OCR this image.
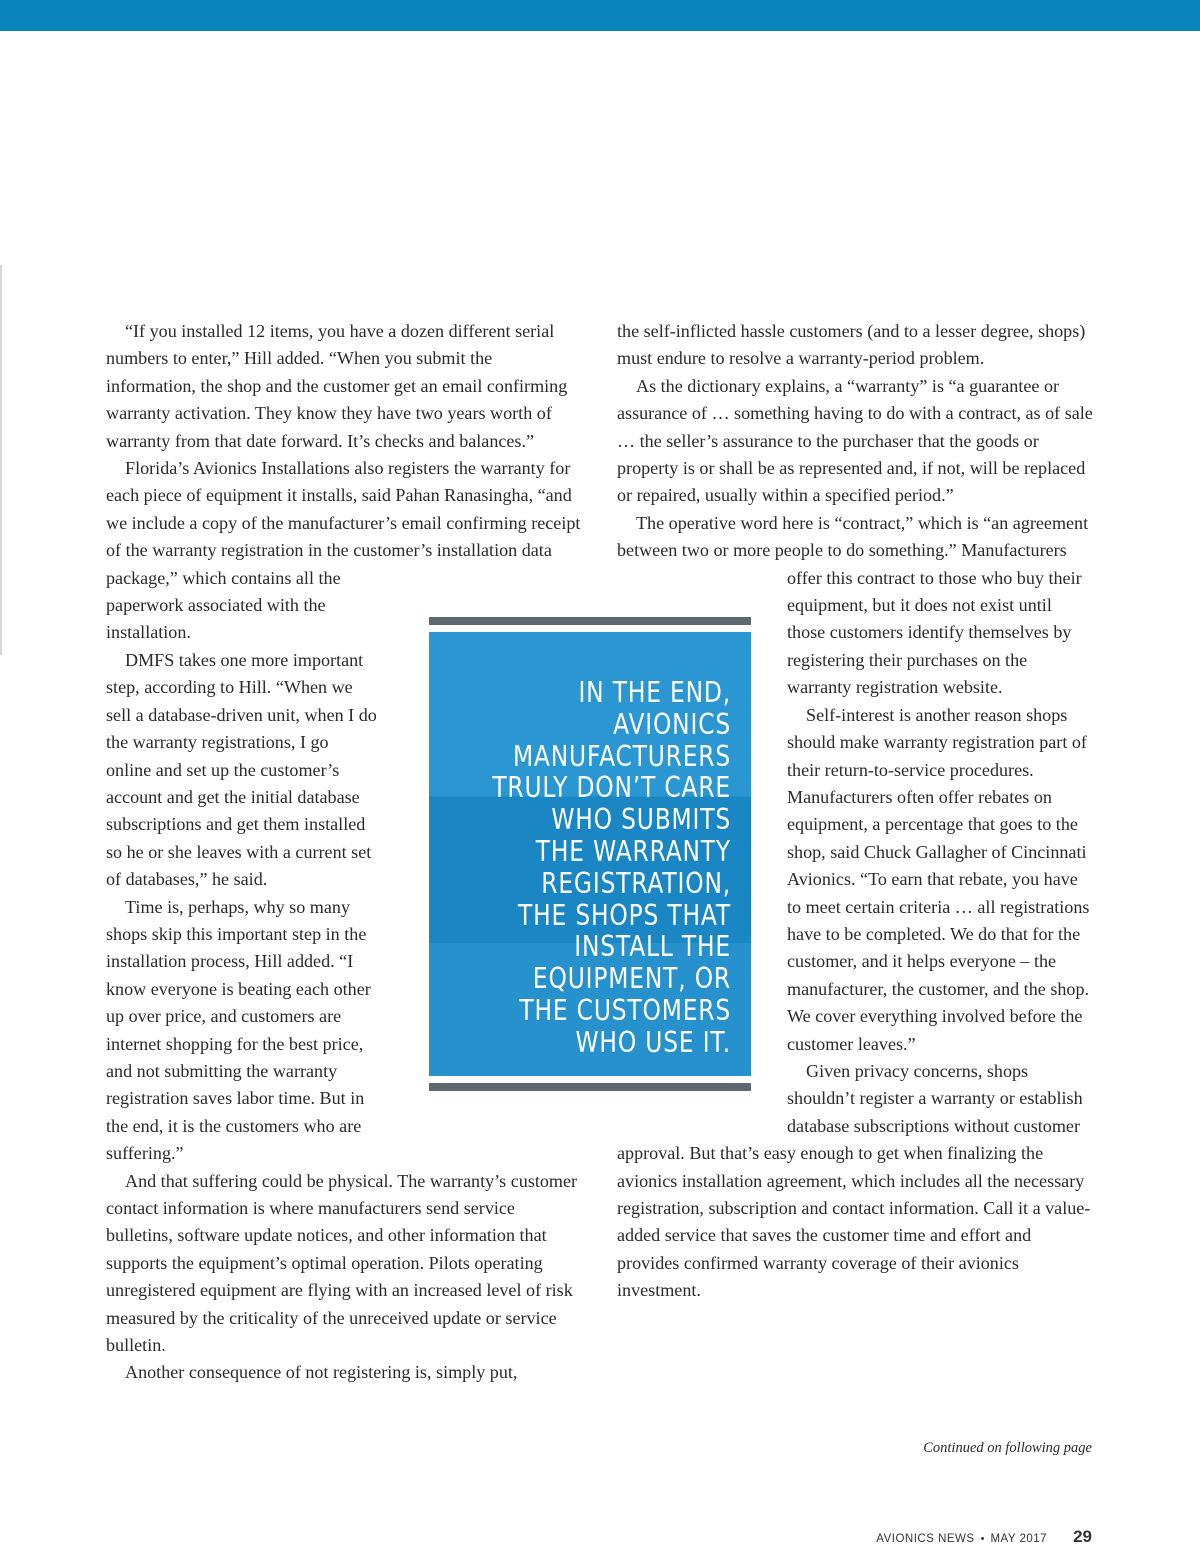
“If you installed 12 items, you have a dozen different serial numbers to enter,” Hill added. “When you submit the information, the shop and the customer get an email confirming warranty activation. They know they have two years worth of warranty from that date forward. It’s checks and balances.”

Florida’s Avionics Installations also registers the warranty for each piece of equipment it installs, said Pahan Ranasingha, “and we include a copy of the manufacturer’s email confirming receipt of the warranty registration in the customer’s installation data package,” which contains all the paperwork associated with the installation.

DMFS takes one more important step, according to Hill. “When we sell a database-driven unit, when I do the warranty registrations, I go online and set up the customer’s account and get the initial database subscriptions and get them installed so he or she leaves with a current set of databases,” he said.

Time is, perhaps, why so many shops skip this important step in the installation process, Hill added. “I know everyone is beating each other up over price, and customers are internet shopping for the best price, and not submitting the warranty registration saves labor time. But in the end, it is the customers who are suffering.”

And that suffering could be physical. The warranty’s customer contact information is where manufacturers send service bulletins, software update notices, and other information that supports the equipment’s optimal operation. Pilots operating unregistered equipment are flying with an increased level of risk measured by the criticality of the unreceived update or service bulletin.

Another consequence of not registering is, simply put,

the self-inflicted hassle customers (and to a lesser degree, shops) must endure to resolve a warranty-period problem.

As the dictionary explains, a “warranty” is “a guarantee or assurance of … something having to do with a contract, as of sale … the seller’s assurance to the purchaser that the goods or property is or shall be as represented and, if not, will be replaced or repaired, usually within a specified period.”

The operative word here is “contract,” which is “an agreement between two or more people to do something.” Manufacturers offer this contract to those who buy their equipment, but it does not exist until those customers identify themselves by registering their purchases on the warranty registration website.

Self-interest is another reason shops should make warranty registration part of their return-to-service procedures. Manufacturers often offer rebates on equipment, a percentage that goes to the shop, said Chuck Gallagher of Cincinnati Avionics. “To earn that rebate, you have to meet certain criteria … all registrations have to be completed. We do that for the customer, and it helps everyone – the manufacturer, the customer, and the shop. We cover everything involved before the customer leaves.”

Given privacy concerns, shops shouldn’t register a warranty or establish database subscriptions without customer approval. But that’s easy enough to get when finalizing the avionics installation agreement, which includes all the necessary registration, subscription and contact information. Call it a value-added service that saves the customer time and effort and provides confirmed warranty coverage of their avionics investment.

IN THE END,
AVIONICS
MANUFACTURERS
TRULY DON’T CARE
WHO SUBMITS
THE WARRANTY
REGISTRATION,
THE SHOPS THAT
INSTALL THE
EQUIPMENT, OR
THE CUSTOMERS
WHO USE IT.
Continued on following page
AVIONICS NEWS • MAY 2017 29
